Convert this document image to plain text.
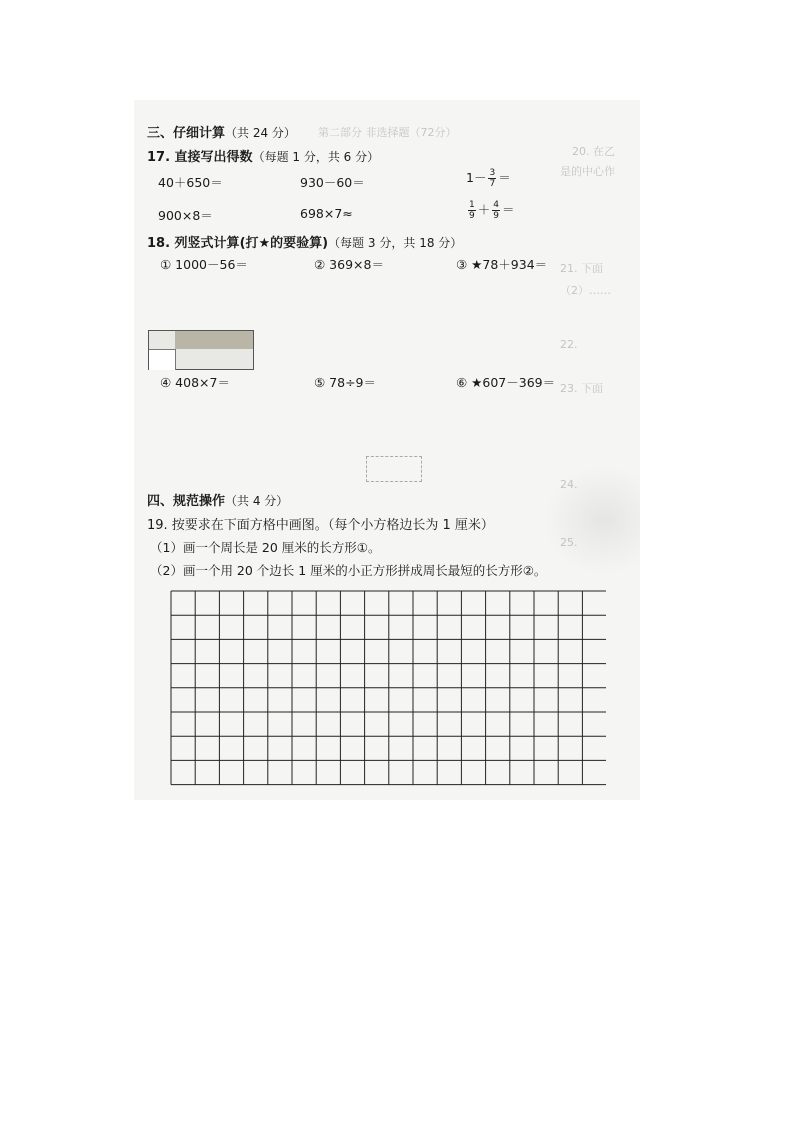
第二部分 非选择题（72分）
20. 在乙
是的中心作
21. 下面
（2）……
22.
23. 下面
24.
25.
三、仔细计算（共 24 分）
17. 直接写出得数（每题 1 分，共 6 分）
40＋650＝	930－60＝	$1- \frac{3}{7}$ ＝
900×8＝	698×7≈	$\frac{1}{9} + \frac{4}{9}$ ＝
18. 列竖式计算(打★的要验算)（每题 3 分，共 18 分）
① 1000－56＝	② 369×8＝	③ ★78＋934＝
④ 408×7＝	⑤ 78÷9＝	⑥ ★607－369＝
四、规范操作（共 4 分）
19. 按要求在下面方格中画图。（每个小方格边长为 1 厘米）
（1）画一个周长是 20 厘米的长方形①。
（2）画一个用 20 个边长 1 厘米的小正方形拼成周长最短的长方形②。
